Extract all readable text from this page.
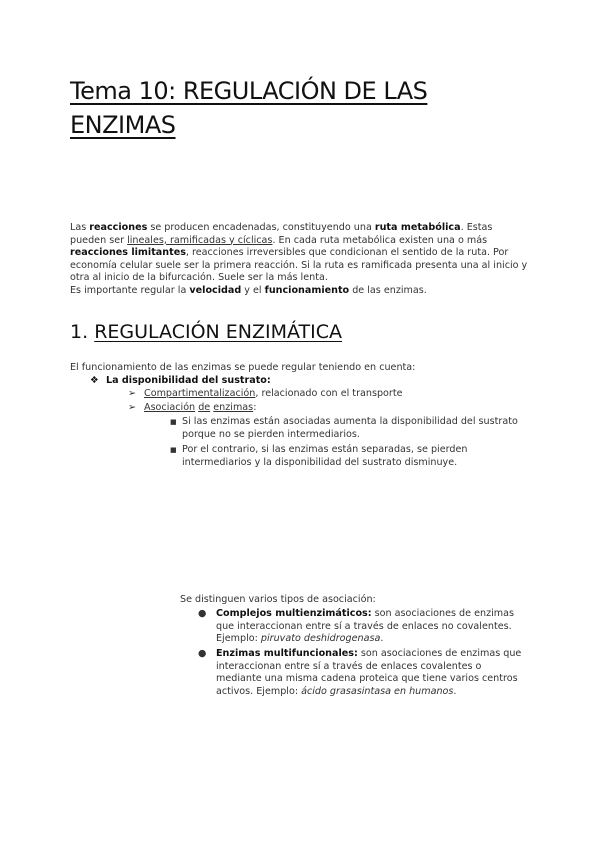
Tema 10: REGULACIÓN DE LAS ENZIMAS
Las reacciones se producen encadenadas, constituyendo una ruta metabólica. Estas pueden ser lineales, ramificadas y cíclicas. En cada ruta metabólica existen una o más reacciones limitantes, reacciones irreversibles que condicionan el sentido de la ruta. Por economía celular suele ser la primera reacción. Si la ruta es ramificada presenta una al inicio y otra al inicio de la bifurcación. Suele ser la más lenta.
Es importante regular la velocidad y el funcionamiento de las enzimas.
1. REGULACIÓN ENZIMÁTICA
El funcionamiento de las enzimas se puede regular teniendo en cuenta:
❖ La disponibilidad del sustrato:
➢ Compartimentalización, relacionado con el transporte
➢ Asociación de enzimas:
■ Si las enzimas están asociadas aumenta la disponibilidad del sustrato porque no se pierden intermediarios.
■ Por el contrario, si las enzimas están separadas, se pierden intermediarios y la disponibilidad del sustrato disminuye.
Se distinguen varios tipos de asociación:
●	Complejos multienzimáticos: son asociaciones de enzimas que interaccionan entre sí a través de enlaces no covalentes. Ejemplo: piruvato deshidrogenasa.
●	Enzimas multifuncionales: son asociaciones de enzimas que interaccionan entre sí a través de enlaces covalentes o mediante una misma cadena proteica que tiene varios centros activos. Ejemplo: ácido grasasintasa en humanos.
